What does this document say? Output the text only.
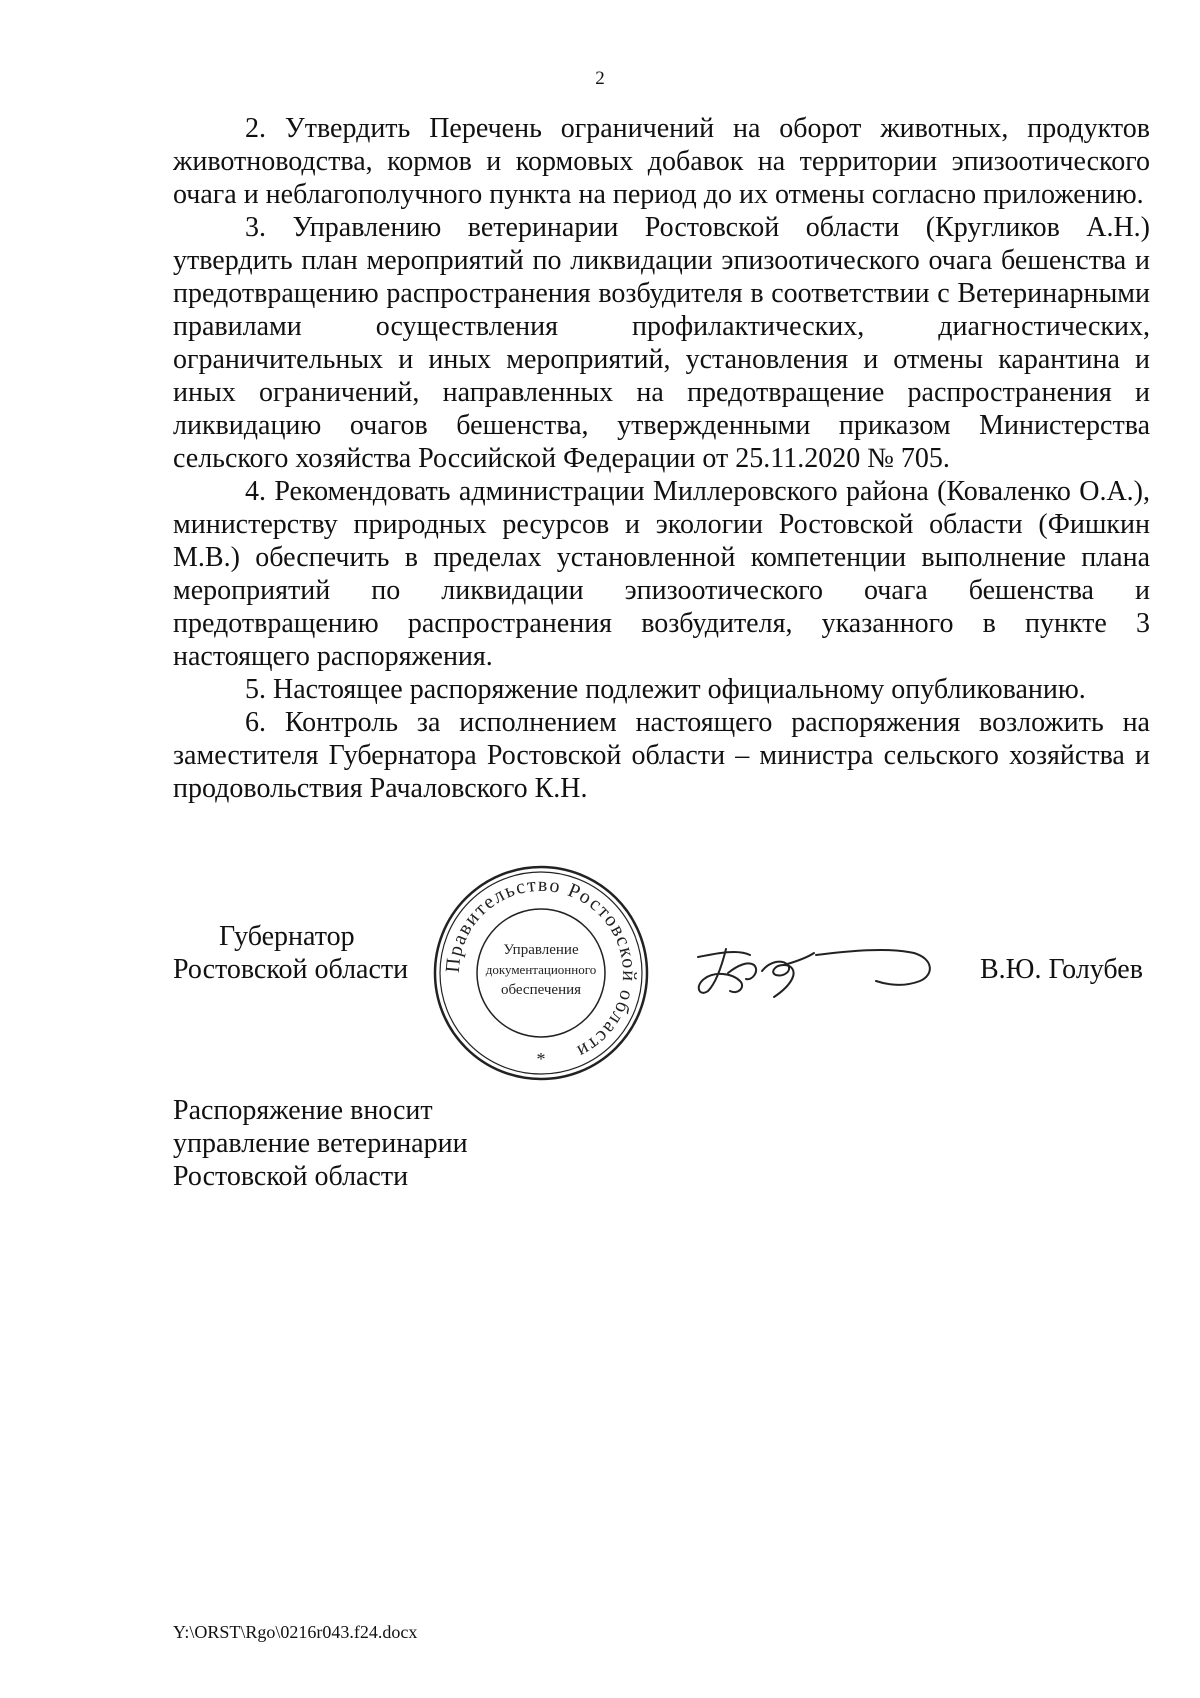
2

2. Утвердить Перечень ограничений на оборот животных, продуктов животноводства, кормов и кормовых добавок на территории эпизоотического очага и неблагополучного пункта на период до их отмены согласно приложению.

3. Управлению ветеринарии Ростовской области (Кругликов А.Н.) утвердить план мероприятий по ликвидации эпизоотического очага бешенства и предотвращению распространения возбудителя в соответствии с Ветеринарными правилами осуществления профилактических, диагностических, ограничительных и иных мероприятий, установления и отмены карантина и иных ограничений, направленных на предотвращение распространения и ликвидацию очагов бешенства, утвержденными приказом Министерства сельского хозяйства Российской Федерации от 25.11.2020 № 705.

4. Рекомендовать администрации Миллеровского района (Коваленко О.А.), министерству природных ресурсов и экологии Ростовской области (Фишкин М.В.) обеспечить в пределах установленной компетенции выполнение плана мероприятий по ликвидации эпизоотического очага бешенства и предотвращению распространения возбудителя, указанного в пункте 3 настоящего распоряжения.

5. Настоящее распоряжение подлежит официальному опубликованию.

6. Контроль за исполнением настоящего распоряжения возложить на заместителя Губернатора Ростовской области – министра сельского хозяйства и продовольствия Рачаловского К.Н.

Губернатор
Ростовской области Правительство Ростовской области
Управление
документационного
обеспечения
*
В.Ю. Голубев
Распоряжение вносит
управление ветеринарии
Ростовской области
Y:\ORST\Rgo\0216r043.f24.docx
